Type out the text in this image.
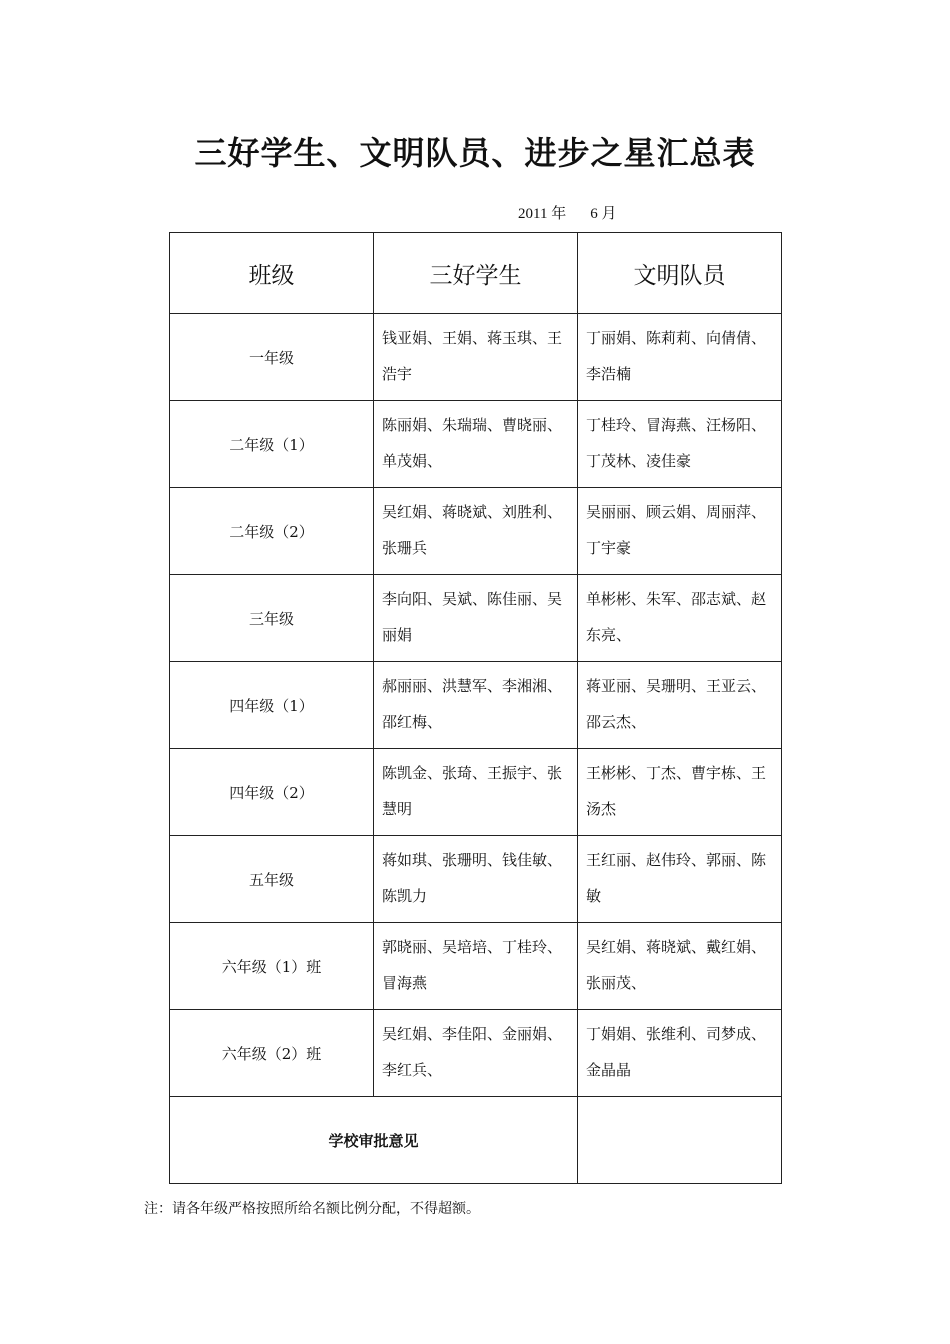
三好学生、文明队员、进步之星汇总表
2011 年 6 月
班级	三好学生	文明队员
一年级	钱亚娟、王娟、蒋玉琪、王浩宇	丁丽娟、陈莉莉、向倩倩、李浩楠
二年级（1）	陈丽娟、朱瑞瑞、曹晓丽、单茂娟、	丁桂玲、冒海燕、汪杨阳、丁茂林、凌佳豪
二年级（2）	吴红娟、蒋晓斌、刘胜利、张珊兵	吴丽丽、顾云娟、周丽萍、丁宇豪
三年级	李向阳、吴斌、陈佳丽、吴丽娟	单彬彬、朱军、邵志斌、赵东亮、
四年级（1）	郝丽丽、洪慧军、李湘湘、邵红梅、	蒋亚丽、吴珊明、王亚云、邵云杰、
四年级（2）	陈凯金、张琦、王振宇、张慧明	王彬彬、丁杰、曹宇栋、王汤杰
五年级	蒋如琪、张珊明、钱佳敏、陈凯力	王红丽、赵伟玲、郭丽、陈敏
六年级（1）班	郭晓丽、吴培培、丁桂玲、冒海燕	吴红娟、蒋晓斌、戴红娟、张丽茂、
六年级（2）班	吴红娟、李佳阳、金丽娟、李红兵、	丁娟娟、张维利、司梦成、金晶晶
学校审批意见		
注：请各年级严格按照所给名额比例分配，不得超额。
